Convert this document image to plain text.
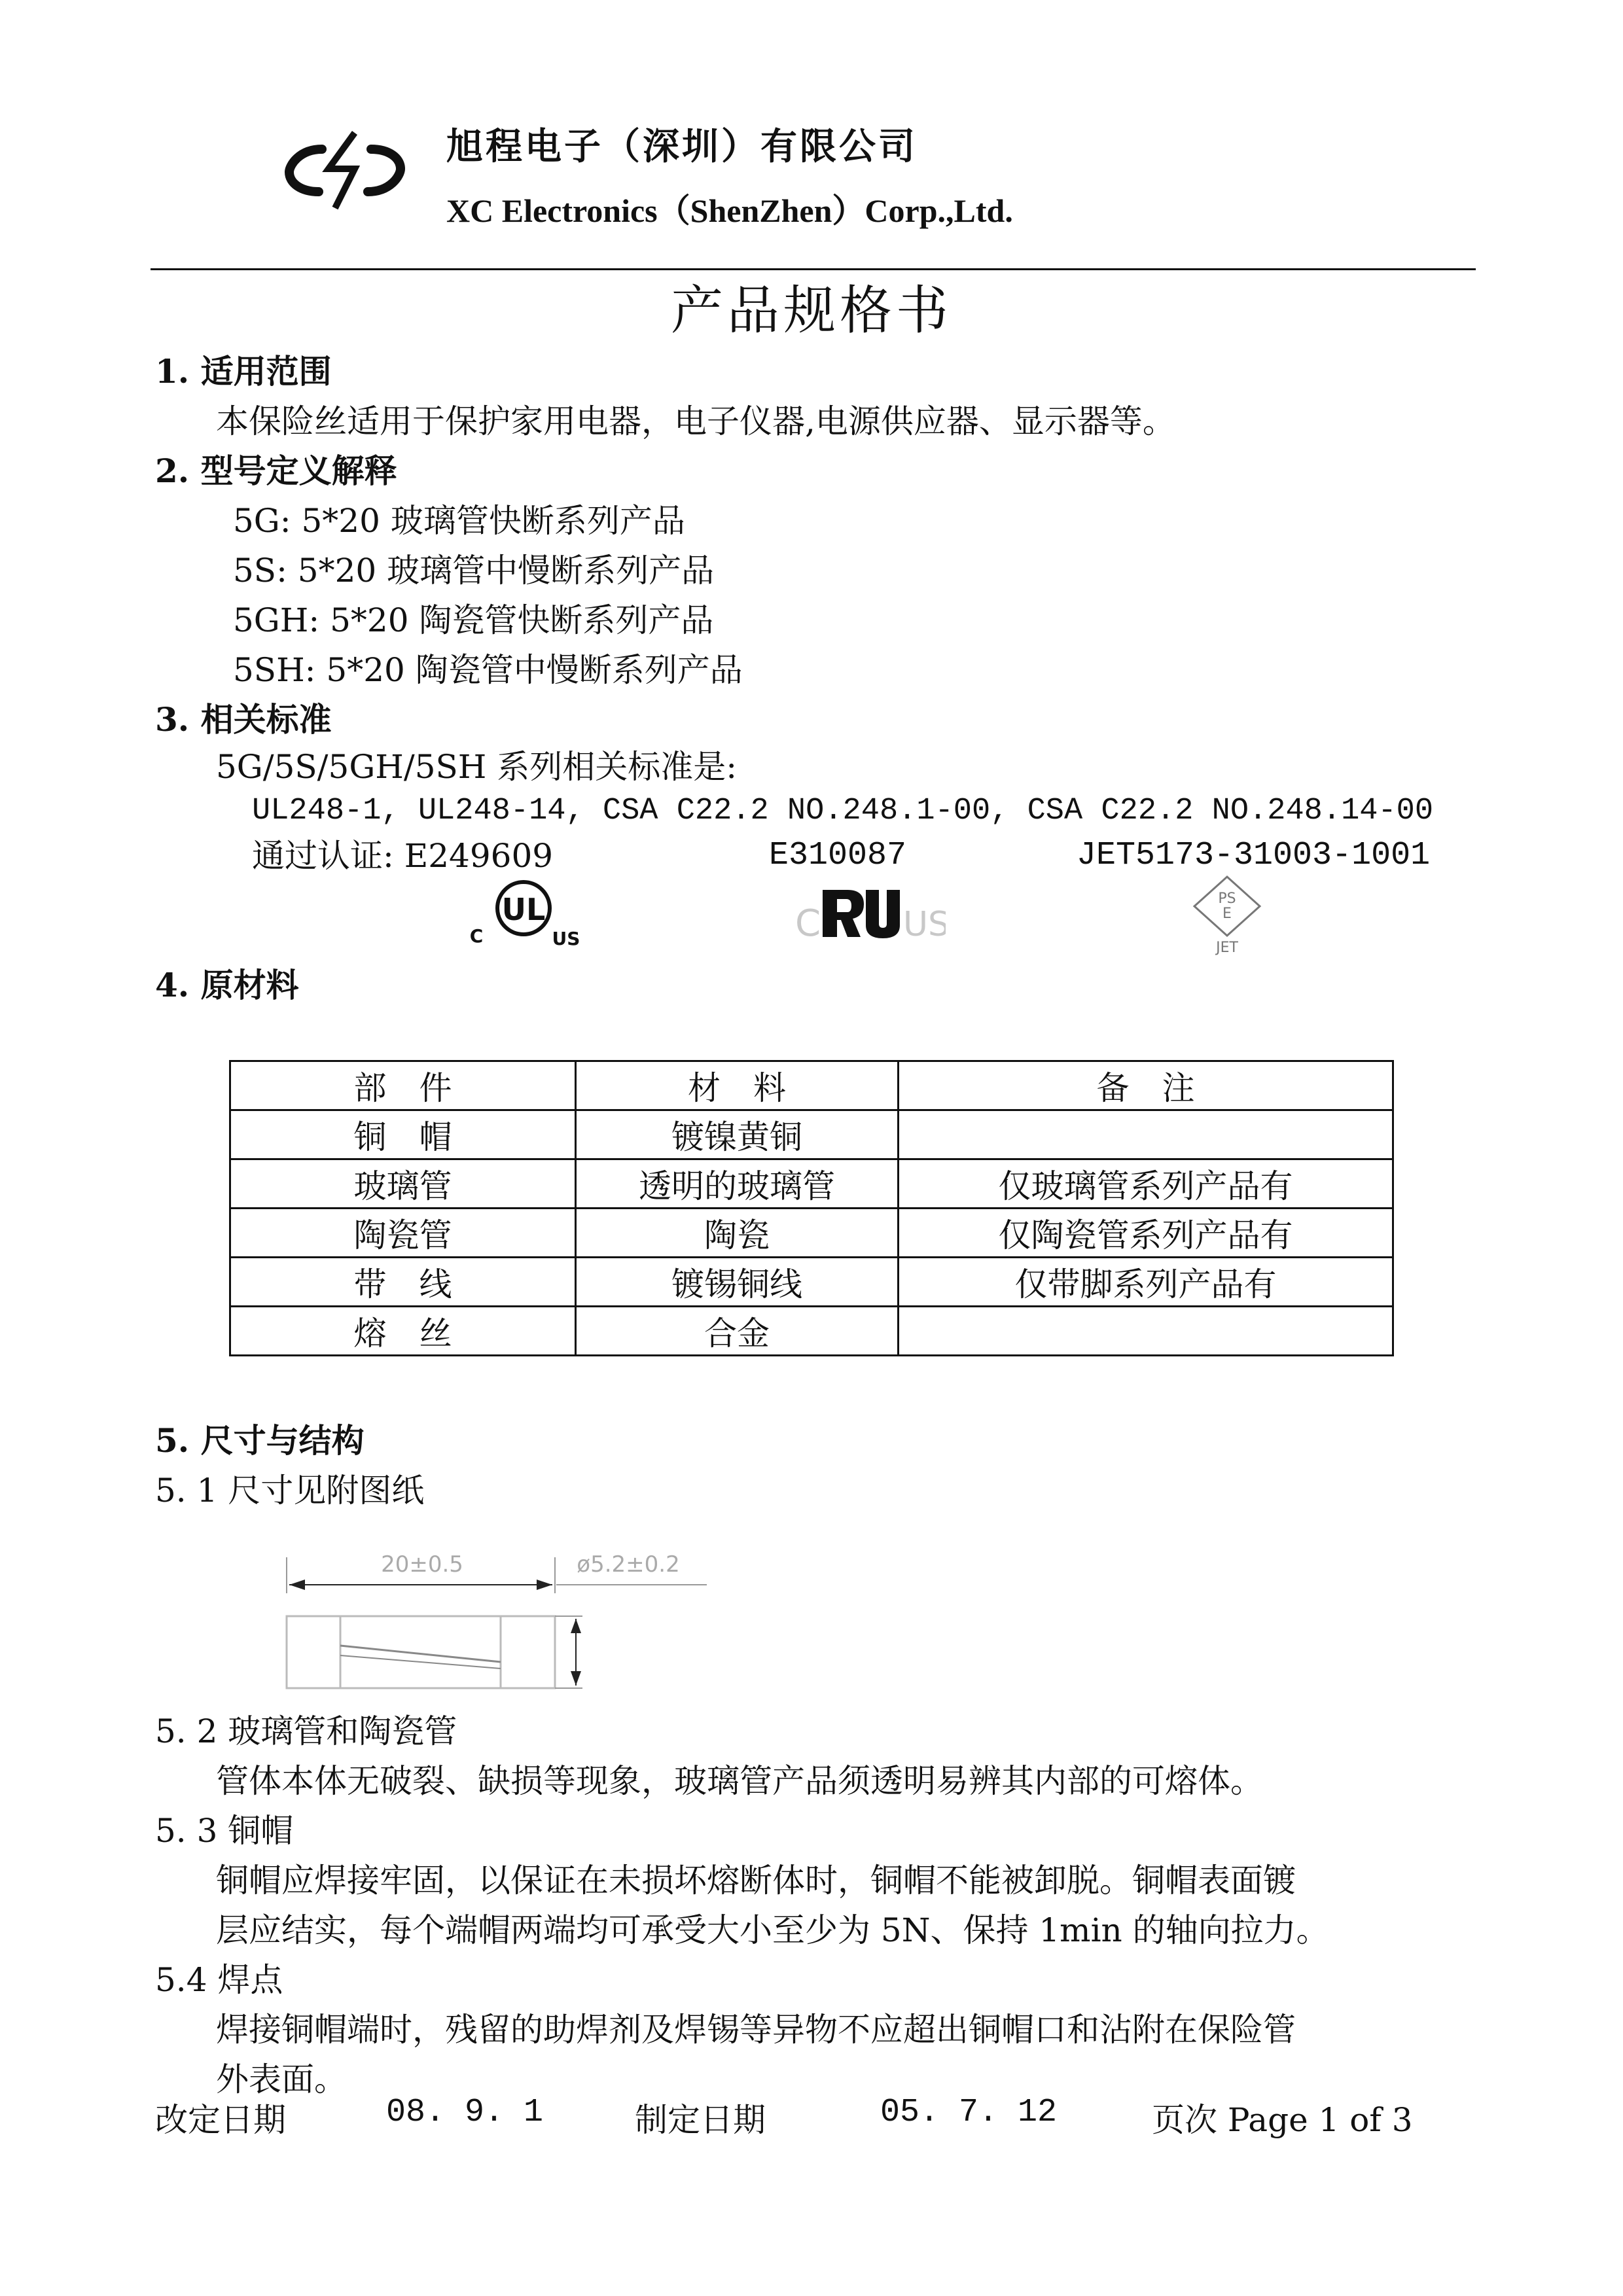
旭程电子（深圳）有限公司
XC Electronics（ShenZhen）Corp.,Ltd.
产品规格书
1. 适用范围
本保险丝适用于保护家用电器，电子仪器,电源供应器、显示器等。
2. 型号定义解释
5G: 5*20 玻璃管快断系列产品
5S: 5*20 玻璃管中慢断系列产品
5GH: 5*20 陶瓷管快断系列产品
5SH: 5*20 陶瓷管中慢断系列产品
3. 相关标准
5G/5S/5GH/5SH 系列相关标准是:
UL248-1, UL248-14, CSA C22.2 NO.248.1-00, CSA C22.2 NO.248.14-00
通过认证: E249609	E310087	JET5173-31003-1001
UL
C	US	C US
PS
E
JET
4. 原材料
部　件	材　料	备　注
铜　帽	镀镍黄铜	
玻璃管	透明的玻璃管	仅玻璃管系列产品有
陶瓷管	陶瓷	仅陶瓷管系列产品有
带　线	镀锡铜线	仅带脚系列产品有
熔　丝	合金	
5. 尺寸与结构
5. 1 尺寸见附图纸
20±0.5	ø5.2±0.2
5. 2 玻璃管和陶瓷管
管体本体无破裂、缺损等现象，玻璃管产品须透明易辨其内部的可熔体。
5. 3 铜帽
铜帽应焊接牢固，以保证在未损坏熔断体时，铜帽不能被卸脱。铜帽表面镀
层应结实，每个端帽两端均可承受大小至少为 5N、保持 1min 的轴向拉力。
5.4 焊点
焊接铜帽端时，残留的助焊剂及焊锡等异物不应超出铜帽口和沾附在保险管
外表面。
改定日期	08. 9. 1	制定日期	05. 7. 12	页次 Page 1 of 3
